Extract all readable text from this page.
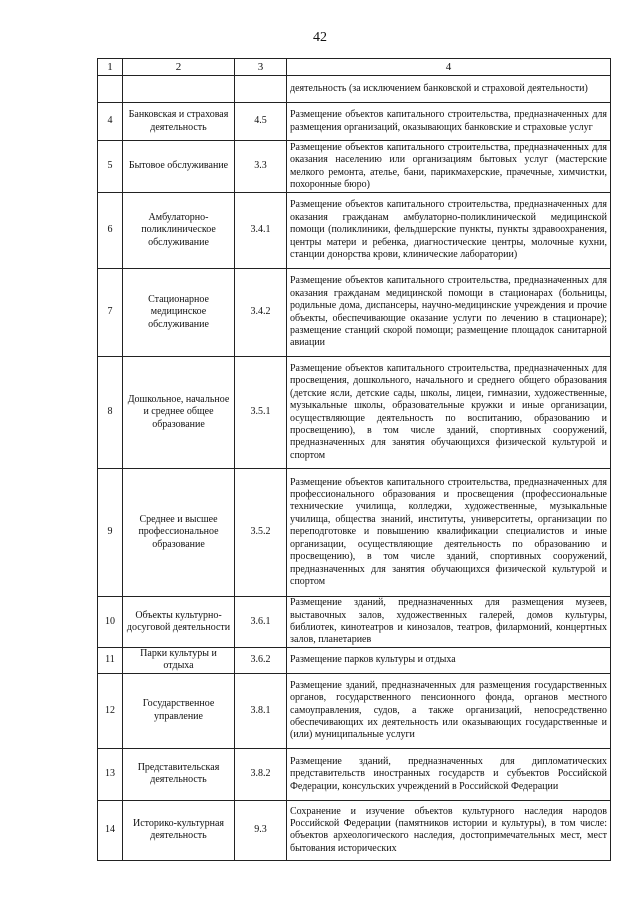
42
1	2	3	4
			деятельность (за исключением банковской и страховой деятельности)
4	Банковская и страховая деятельность	4.5	Размещение объектов капитального строительства, предназначенных для размещения организаций, оказывающих банковские и страховые услуг
5	Бытовое обслуживание	3.3	Размещение объектов капитального строительства, предназначенных для оказания населению или организациям бытовых услуг (мастерские мелкого ремонта, ателье, бани, парикмахерские, прачечные, химчистки, похоронные бюро)
6	Амбулаторно-поликлиническое обслуживание	3.4.1	Размещение объектов капитального строительства, предназначенных для оказания гражданам амбулаторно-поликлинической медицинской помощи (поликлиники, фельдшерские пункты, пункты здравоохранения, центры матери и ребенка, диагностические центры, молочные кухни, станции донорства крови, клинические лаборатории)
7	Стационарное медицинское обслуживание	3.4.2	Размещение объектов капитального строительства, предназначенных для оказания гражданам медицинской помощи в стационарах (больницы, родильные дома, диспансеры, научно-медицинские учреждения и прочие объекты, обеспечивающие оказание услуги по лечению в стационаре); размещение станций скорой помощи; размещение площадок санитарной авиации
8	Дошкольное, начальное и среднее общее образование	3.5.1	Размещение объектов капитального строительства, предназначенных для просвещения, дошкольного, начального и среднего общего образования (детские ясли, детские сады, школы, лицеи, гимназии, художественные, музыкальные школы, образовательные кружки и иные организации, осуществляющие деятельность по воспитанию, образованию и просвещению), в том числе зданий, спортивных сооружений, предназначенных для занятия обучающихся физической культурой и спортом
9	Среднее и высшее профессиональное образование	3.5.2	Размещение объектов капитального строительства, предназначенных для профессионального образования и просвещения (профессиональные технические училища, колледжи, художественные, музыкальные училища, общества знаний, институты, университеты, организации по переподготовке и повышению квалификации специалистов и иные организации, осуществляющие деятельность по образованию и просвещению), в том числе зданий, спортивных сооружений, предназначенных для занятия обучающихся физической культурой и спортом
10	Объекты культурно-досуговой деятельности	3.6.1	Размещение зданий, предназначенных для размещения музеев, выставочных залов, художественных галерей, домов культуры, библиотек, кинотеатров и кинозалов, театров, филармоний, концертных залов, планетариев
11	Парки культуры и отдыха	3.6.2	Размещение парков культуры и отдыха
12	Государственное управление	3.8.1	Размещение зданий, предназначенных для размещения государственных органов, государственного пенсионного фонда, органов местного самоуправления, судов, а также организаций, непосредственно обеспечивающих их деятельность или оказывающих государственные и (или) муниципальные услуги
13	Представительская деятельность	3.8.2	Размещение зданий, предназначенных для дипломатических представительств иностранных государств и субъектов Российской Федерации, консульских учреждений в Российской Федерации
14	Историко-культурная деятельность	9.3	Сохранение и изучение объектов культурного наследия народов Российской Федерации (памятников истории и культуры), в том числе: объектов археологического наследия, достопримечательных мест, мест бытования исторических
